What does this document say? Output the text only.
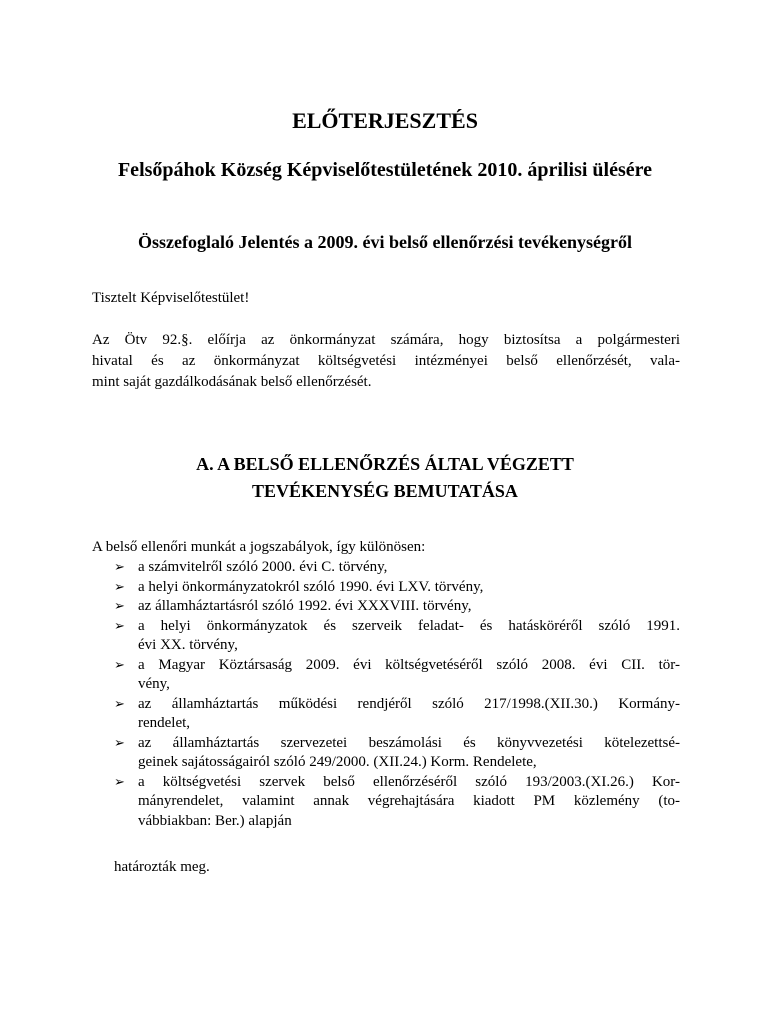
ELŐTERJESZTÉS
Felsőpáhok Község Képviselőtestületének 2010. áprilisi ülésére
Összefoglaló Jelentés a 2009. évi belső ellenőrzési tevékenységről
Tisztelt Képviselőtestület!
Az Ötv 92.§. előírja az önkormányzat számára, hogy biztosítsa a polgármesteri
hivatal és az önkormányzat költségvetési intézményei belső ellenőrzését, vala-
mint saját gazdálkodásának belső ellenőrzését.
A. A BELSŐ ELLENŐRZÉS ÁLTAL VÉGZETT
TEVÉKENYSÉG BEMUTATÁSA
A belső ellenőri munkát a jogszabályok, így különösen:
➢ a számvitelről szóló 2000. évi C. törvény,
➢ a helyi önkormányzatokról szóló 1990. évi LXV. törvény,
➢ az államháztartásról szóló 1992. évi XXXVIII. törvény,
➢ a helyi önkormányzatok és szerveik feladat- és hatásköréről szóló 1991.
évi XX. törvény,
➢ a Magyar Köztársaság 2009. évi költségvetéséről szóló 2008. évi CII. tör-
vény,
➢ az államháztartás működési rendjéről szóló 217/1998.(XII.30.) Kormány-
rendelet,
➢ az államháztartás szervezetei beszámolási és könyvvezetési kötelezettsé-
geinek sajátosságairól szóló 249/2000. (XII.24.) Korm. Rendelete,
➢ a költségvetési szervek belső ellenőrzéséről szóló 193/2003.(XI.26.) Kor-
mányrendelet, valamint annak végrehajtására kiadott PM közlemény (to-
vábbiakban: Ber.) alapján
határozták meg.
